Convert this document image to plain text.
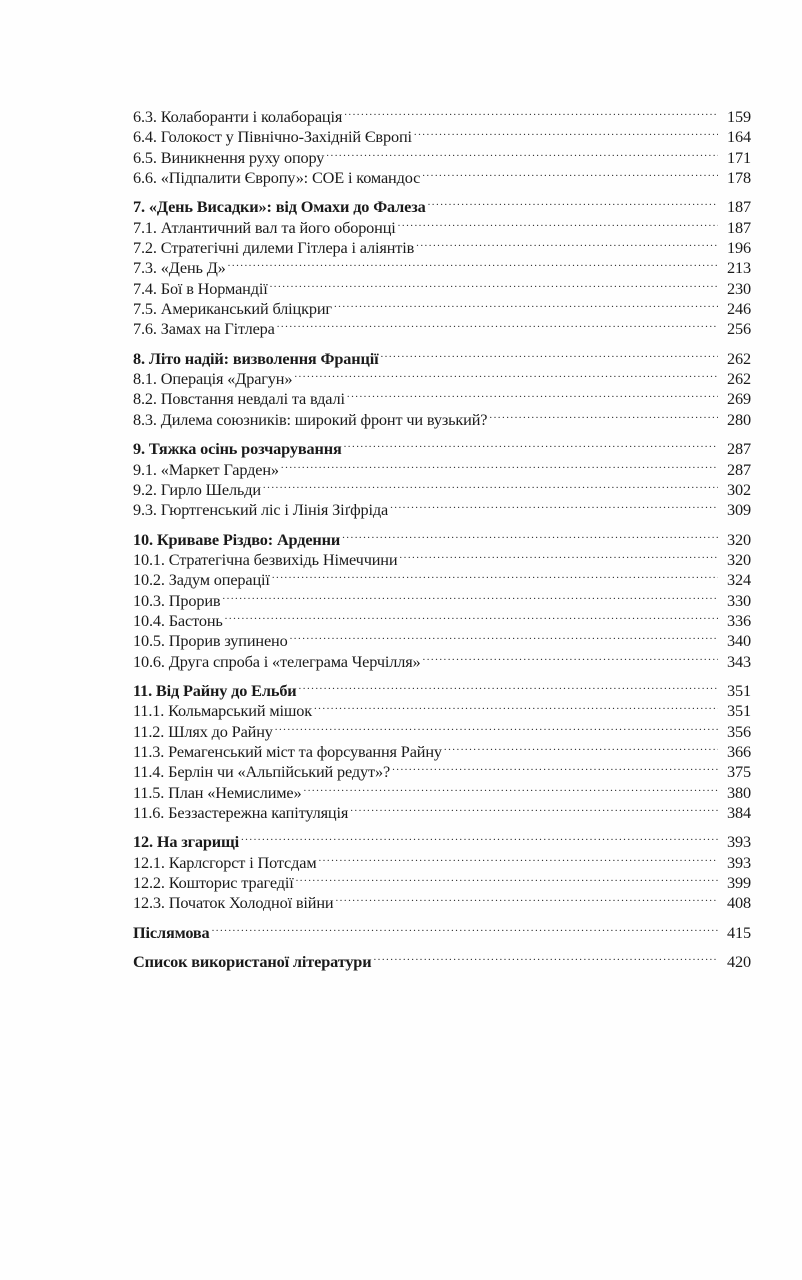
6.3. Колаборанти і колаборація .....	159
6.4. Голокост у Північно-Західній Європі .....	164
6.5. Виникнення руху опору .....	171
6.6. «Підпалити Європу»: СОЕ і командос .....	178
7. «День Висадки»: від Омахи до Фалеза .....	187
7.1. Атлантичний вал та його оборонці .....	187
7.2. Стратегічні дилеми Гітлера і аліянтів .....	196
7.3. «День Д» .....	213
7.4. Бої в Нормандії .....	230
7.5. Американський бліцкриг .....	246
7.6. Замах на Гітлера .....	256
8. Літо надій: визволення Франції .....	262
8.1. Операція «Драгун» .....	262
8.2. Повстання невдалі та вдалі .....	269
8.3. Дилема союзників: широкий фронт чи вузький? .....	280
9. Тяжка осінь розчарування .....	287
9.1. «Маркет Гарден» .....	287
9.2. Гирло Шельди .....	302
9.3. Гюртгенський ліс і Лінія Зіґфріда .....	309
10. Криваве Різдво: Арденни .....	320
10.1. Стратегічна безвихідь Німеччини .....	320
10.2. Задум операції .....	324
10.3. Прорив .....	330
10.4. Бастонь .....	336
10.5. Прорив зупинено .....	340
10.6. Друга спроба і «телеграма Черчілля» .....	343
11. Від Райну до Ельби .....	351
11.1. Кольмарський мішок .....	351
11.2. Шлях до Райну .....	356
11.3. Ремагенський міст та форсування Райну .....	366
11.4. Берлін чи «Альпійський редут»? .....	375
11.5. План «Немислиме» .....	380
11.6. Беззастережна капітуляція .....	384
12. На згарищі .....	393
12.1. Карлсгорст і Потсдам .....	393
12.2. Кошторис трагедії .....	399
12.3. Початок Холодної війни .....	408
Післямова .....	415
Список використаної літератури .....	420
